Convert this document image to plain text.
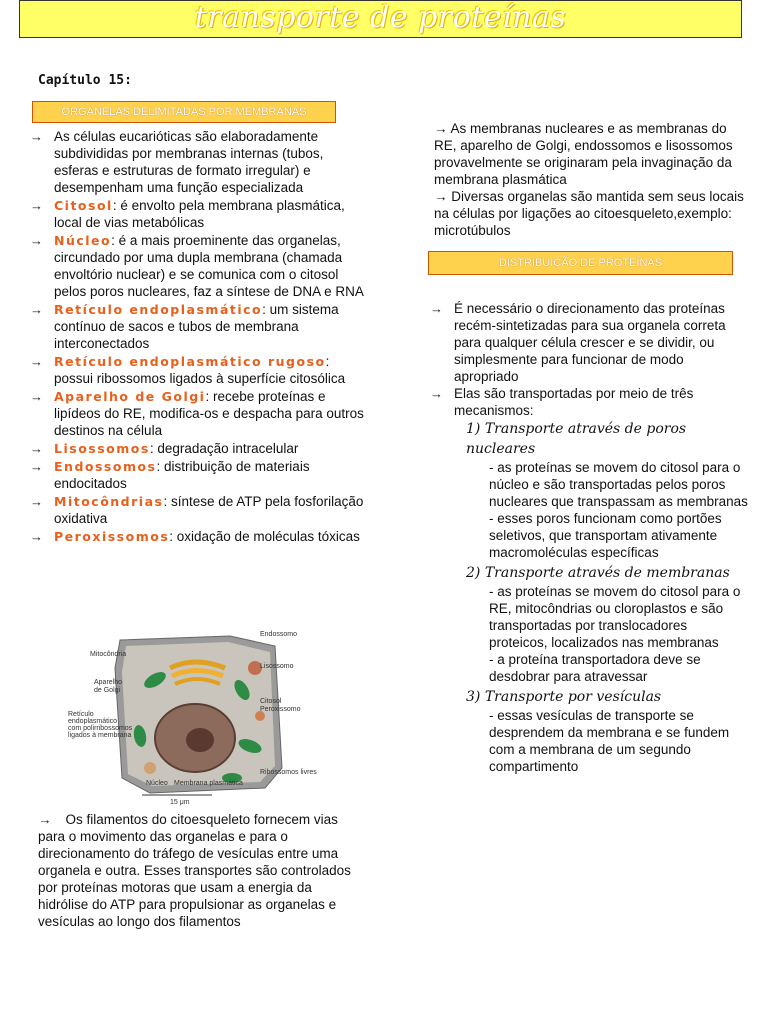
transporte de proteínas
Capítulo 15:
ORGANELAS DELIMITADAS POR MEMBRANAS
→ As células eucarióticas são elaboradamente subdivididas por membranas internas (tubos, esferas e estruturas de formato irregular) e desempenham uma função especializada
→ Citosol: é envolto pela membrana plasmática, local de vias metabólicas
→ Núcleo: é a mais proeminente das organelas, circundado por uma dupla membrana (chamada envoltório nuclear) e se comunica com o citosol pelos poros nucleares, faz a síntese de DNA e RNA
→ Retículo endoplasmático: um sistema contínuo de sacos e tubos de membrana interconectados
→ Retículo endoplasmático rugoso: possui ribossomos ligados à superfície citosólica
→ Aparelho de Golgi: recebe proteínas e lipídeos do RE, modifica-os e despacha para outros destinos na célula
→ Lisossomos: degradação intracelular
→ Endossomos: distribuição de materiais endocitados
→ Mitocôndrias: síntese de ATP pela fosforilação oxidativa
→ Peroxissomos: oxidação de moléculas tóxicas
Endossomo
Lisossomo
Mitocôndria
Aparelho
de Golgi
Citosol
Peroxissomo
Retículo
endoplasmático
com polirribossomos
ligados à membrana
Núcleo Membrana plasmática
Ribossomos livres
15 μm
→ Os filamentos do citoesqueleto fornecem vias para o movimento das organelas e para o direcionamento do tráfego de vesículas entre uma organela e outra. Esses transportes são controlados por proteínas motoras que usam a energia da hidrólise do ATP para propulsionar as organelas e vesículas ao longo dos filamentos
→ As membranas nucleares e as membranas do RE, aparelho de Golgi, endossomos e lisossomos provavelmente se originaram pela invaginação da membrana plasmática
→ Diversas organelas são mantida sem seus locais na células por ligações ao citoesqueleto,exemplo: microtúbulos
DISTRIBUIÇÃO DE PROTEÍNAS
→ É necessário o direcionamento das proteínas recém-sintetizadas para sua organela correta para qualquer célula crescer e se dividir, ou simplesmente para funcionar de modo apropriado
→ Elas são transportadas por meio de três mecanismos:
1) Transporte através de poros nucleares
- as proteínas se movem do citosol para o núcleo e são transportadas pelos poros nucleares que transpassam as membranas
- esses poros funcionam como portões seletivos, que transportam ativamente macromoléculas específicas
2) Transporte através de membranas
- as proteínas se movem do citosol para o RE, mitocôndrias ou cloroplastos e são transportadas por translocadores proteicos, localizados nas membranas
- a proteína transportadora deve se desdobrar para atravessar
3) Transporte por vesículas
- essas vesículas de transporte se desprendem da membrana e se fundem com a membrana de um segundo compartimento
